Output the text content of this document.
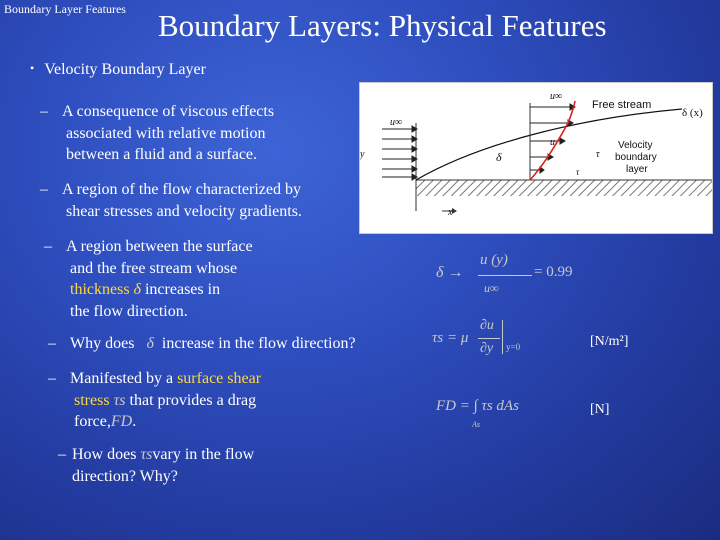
Boundary Layer Features Boundary Layers: Physical Features
• Velocity Boundary Layer
– A consequence of viscous effects
associated with relative motion
between a fluid and a surface.
– A region of the flow characterized by
shear stresses and velocity gradients.
– A region between the surface
and the free stream whose
thickness δ increases in
the flow direction.
– Why does δ increase in the flow direction?
– Manifested by a surface shear
stress τs that provides a drag
force,FD.
– How does τsvary in the flow
direction? Why?
u∞
Free stream
δ (x)
u∞
y
x
δ
u
τ
τ
Velocity
boundary
layer
δ →
u (y)
u∞
= 0.99
τs = μ
∂u
∂y y=0	[N/m²]
FD = ∫ τs dAs
As
[N]
